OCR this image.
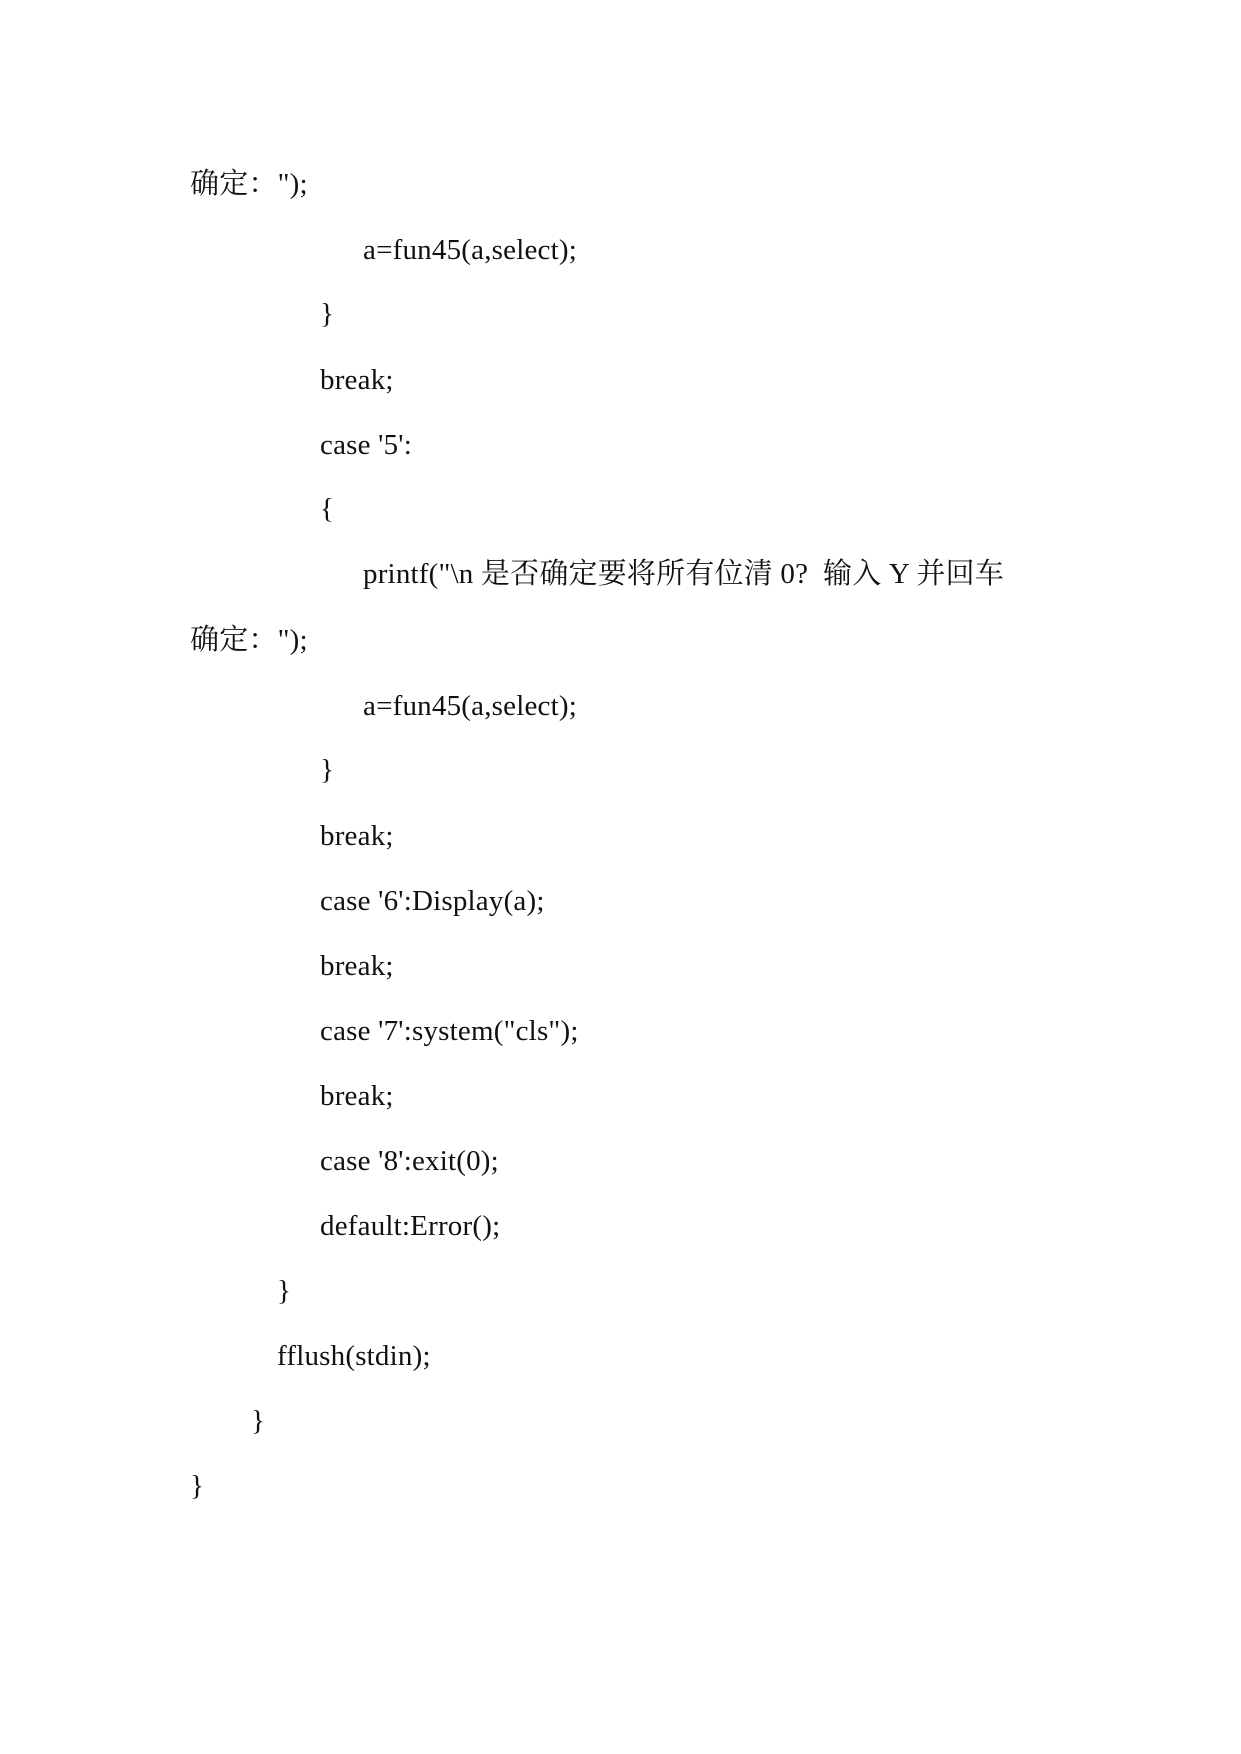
确定：");
a=fun45(a,select);
}
break;
case '5':
{
printf("\n 是否确定要将所有位清 0?  输入 Y 并回车
确定：");
a=fun45(a,select);
}
break;
case '6':Display(a);
break;
case '7':system("cls");
break;
case '8':exit(0);
default:Error();
}
fflush(stdin);
}
}
